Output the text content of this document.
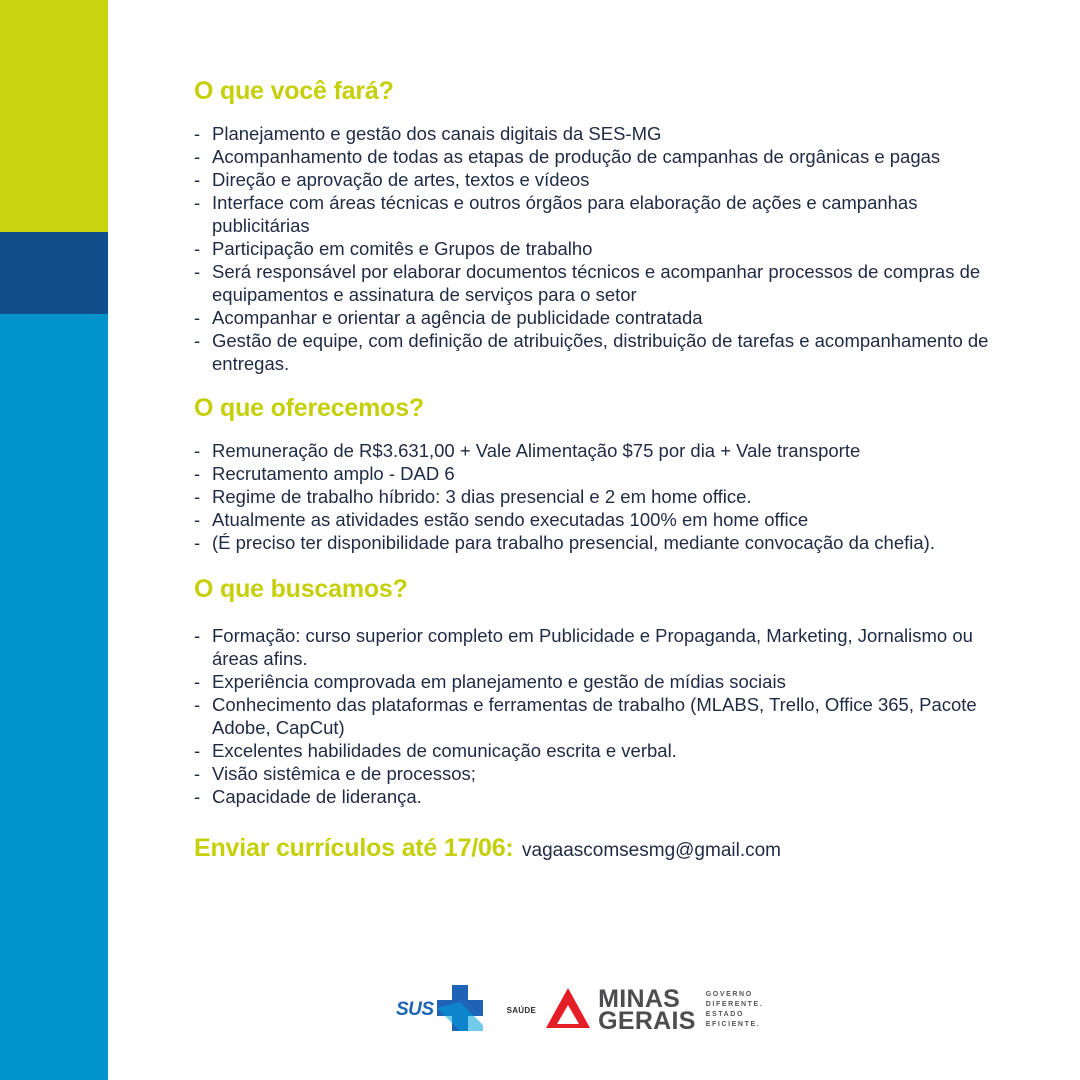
O que você fará?
- Planejamento e gestão dos canais digitais da SES-MG
- Acompanhamento de todas as etapas de produção de campanhas de orgânicas e pagas
- Direção e aprovação de artes, textos e vídeos
- Interface com áreas técnicas e outros órgãos para elaboração de ações e campanhas publicitárias
- Participação em comitês e Grupos de trabalho
- Será responsável por elaborar documentos técnicos e acompanhar processos de compras de equipamentos e assinatura de serviços para o setor
- Acompanhar e orientar a agência de publicidade contratada
- Gestão de equipe, com definição de atribuições, distribuição de tarefas e acompanhamento de entregas.
O que oferecemos?
- Remuneração de R$3.631,00 + Vale Alimentação $75 por dia + Vale transporte
- Recrutamento amplo - DAD 6
- Regime de trabalho híbrido: 3 dias presencial e 2 em home office.
- Atualmente as atividades estão sendo executadas 100% em home office
- (É preciso ter disponibilidade para trabalho presencial, mediante convocação da chefia).
O que buscamos?
- Formação: curso superior completo em Publicidade e Propaganda, Marketing, Jornalismo ou áreas afins.
- Experiência comprovada em planejamento e gestão de mídias sociais
- Conhecimento das plataformas e ferramentas de trabalho (MLABS, Trello, Office 365, Pacote Adobe, CapCut)
- Excelentes habilidades de comunicação escrita e verbal.
- Visão sistêmica e de processos;
- Capacidade de liderança.
Enviar currículos até 17/06: vagaascomsesmg@gmail.com
SUS	SAÚDE MINAS
GERAIS
GOVERNO
DIFERENTE.
ESTADO
EFICIENTE.
